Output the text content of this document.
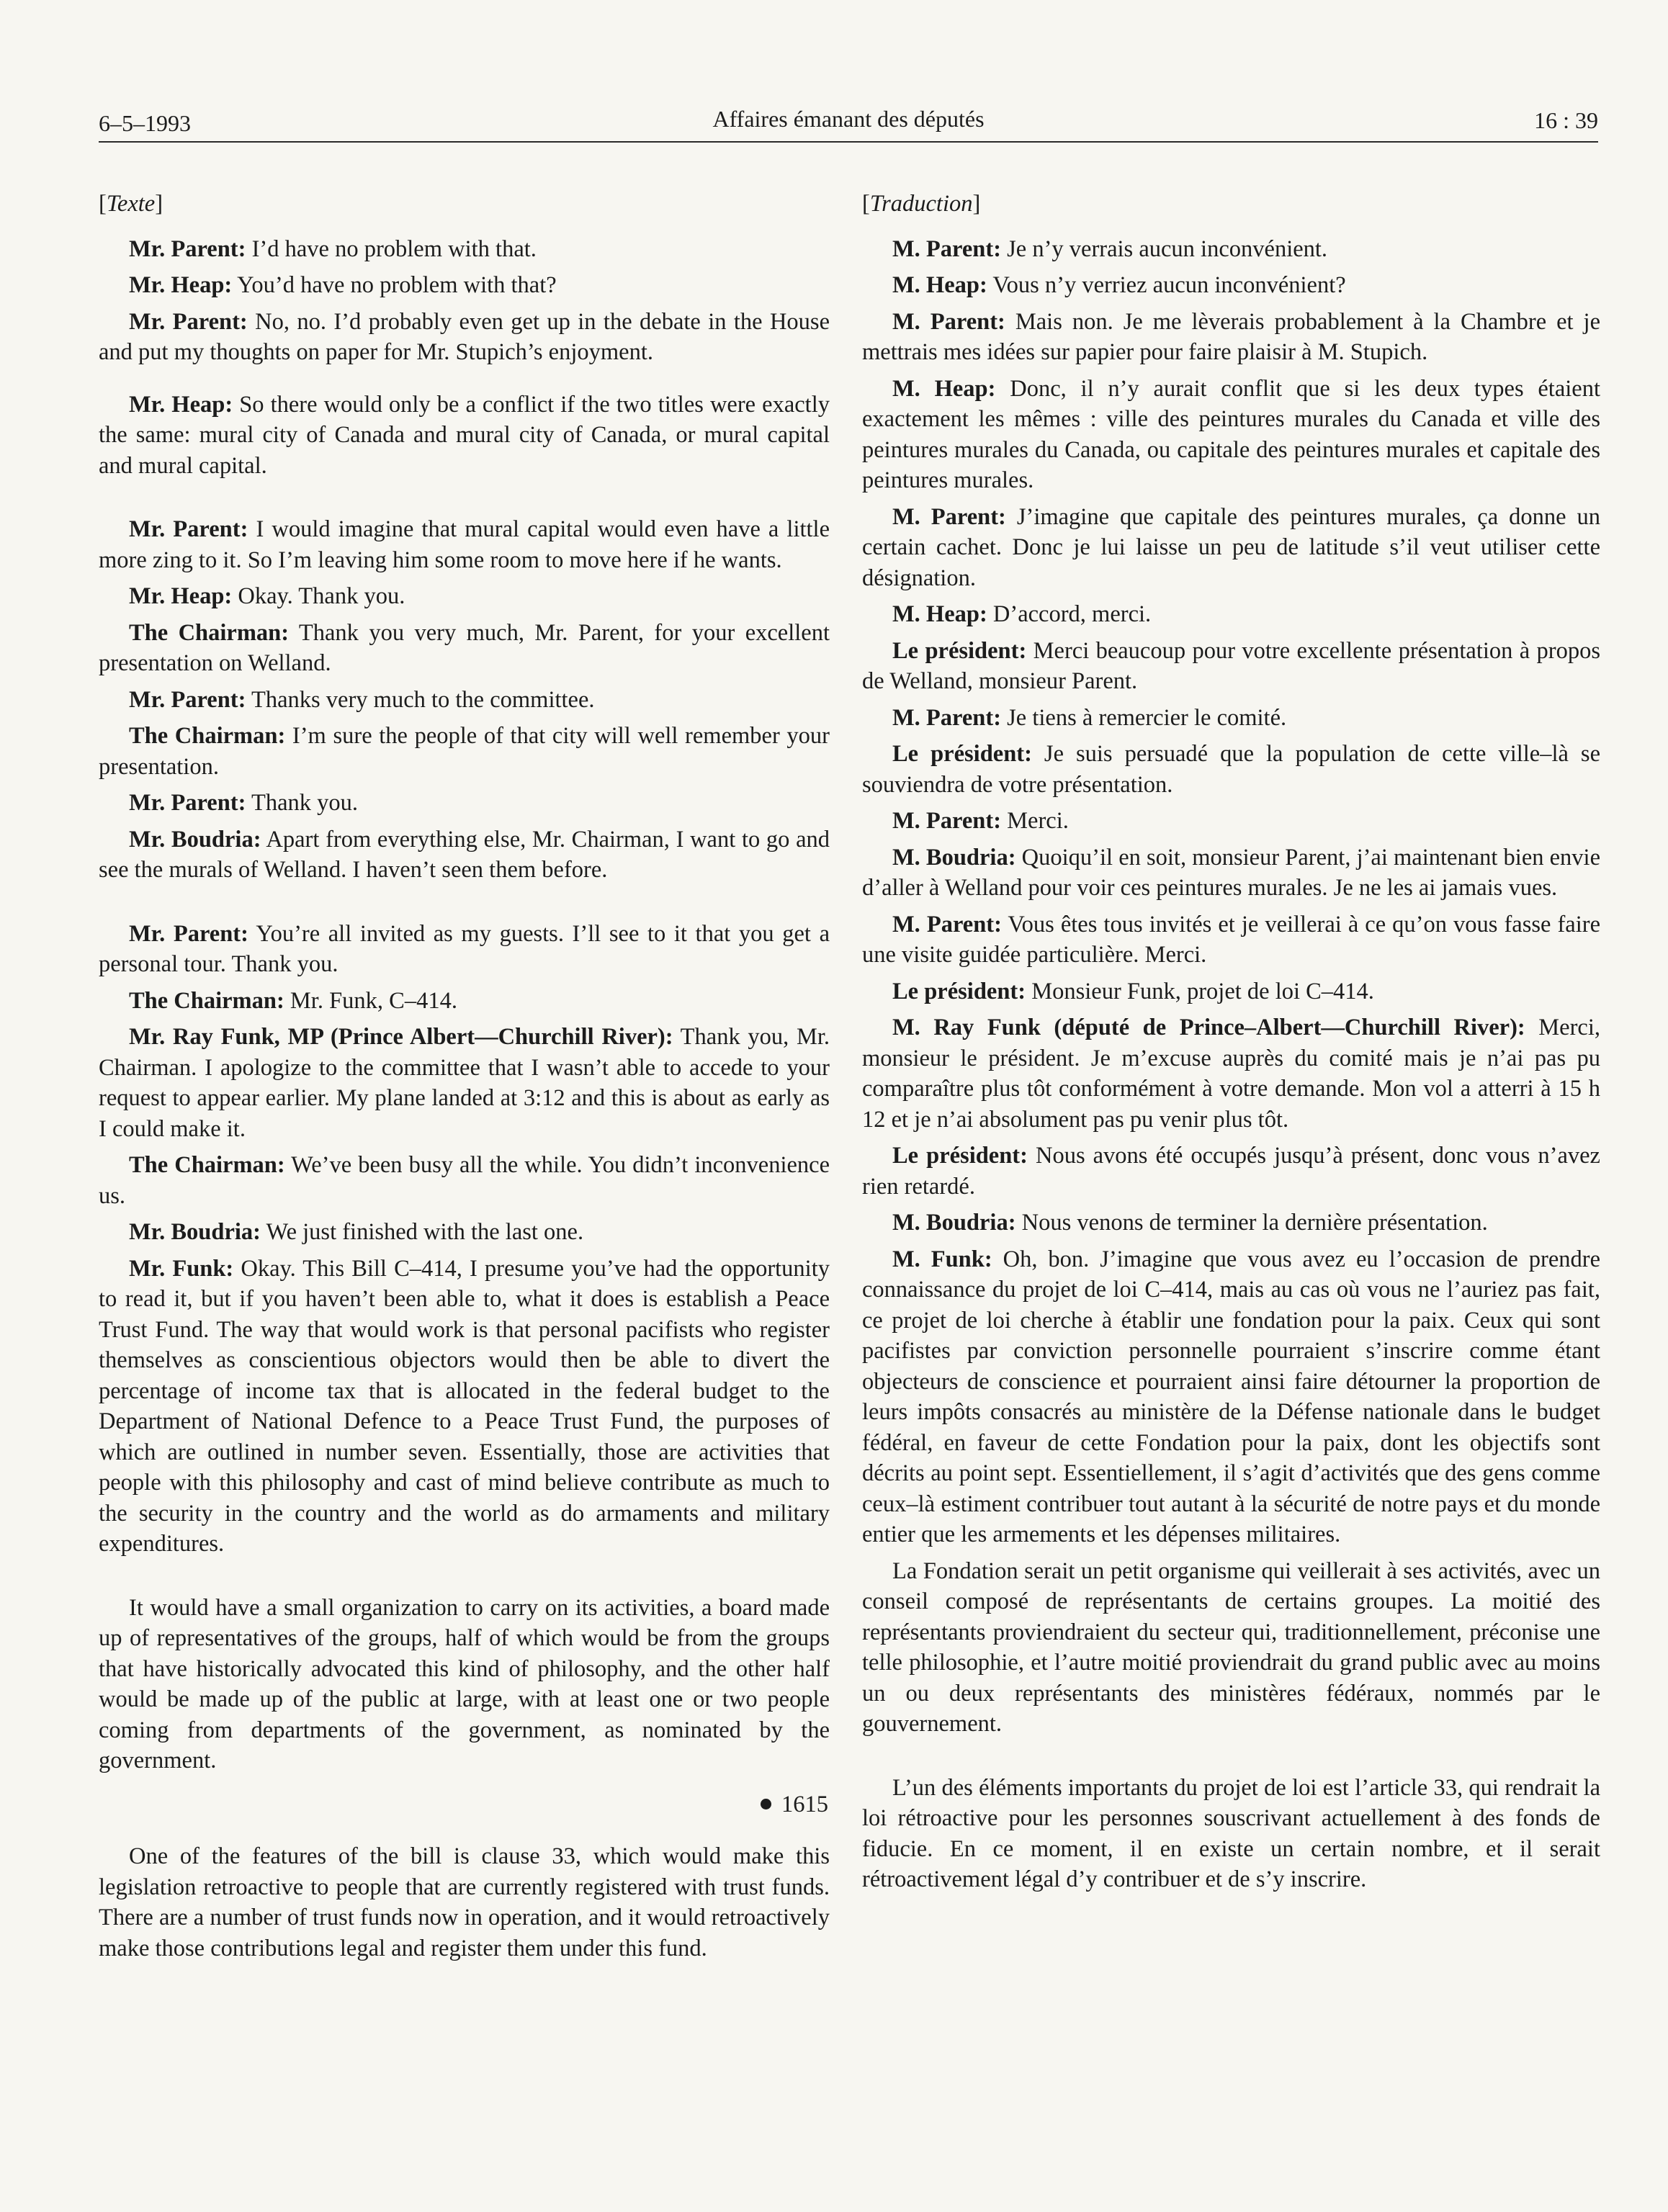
6–5–1993	Affaires émanant des députés	16 : 39
[Texte]

Mr. Parent: I’d have no problem with that.

Mr. Heap: You’d have no problem with that?

Mr. Parent: No, no. I’d probably even get up in the debate in the House and put my thoughts on paper for Mr. Stupich’s enjoyment.

Mr. Heap: So there would only be a conflict if the two titles were exactly the same: mural city of Canada and mural city of Canada, or mural capital and mural capital.

Mr. Parent: I would imagine that mural capital would even have a little more zing to it. So I’m leaving him some room to move here if he wants.

Mr. Heap: Okay. Thank you.

The Chairman: Thank you very much, Mr. Parent, for your excellent presentation on Welland.

Mr. Parent: Thanks very much to the committee.

The Chairman: I’m sure the people of that city will well remember your presentation.

Mr. Parent: Thank you.

Mr. Boudria: Apart from everything else, Mr. Chairman, I want to go and see the murals of Welland. I haven’t seen them before.

Mr. Parent: You’re all invited as my guests. I’ll see to it that you get a personal tour. Thank you.

The Chairman: Mr. Funk, C–414.

Mr. Ray Funk, MP (Prince Albert—Churchill River): Thank you, Mr. Chairman. I apologize to the committee that I wasn’t able to accede to your request to appear earlier. My plane landed at 3:12 and this is about as early as I could make it.

The Chairman: We’ve been busy all the while. You didn’t inconvenience us.

Mr. Boudria: We just finished with the last one.

Mr. Funk: Okay. This Bill C–414, I presume you’ve had the opportunity to read it, but if you haven’t been able to, what it does is establish a Peace Trust Fund. The way that would work is that personal pacifists who register themselves as conscientious objectors would then be able to divert the percentage of income tax that is allocated in the federal budget to the Department of National Defence to a Peace Trust Fund, the purposes of which are outlined in number seven. Essentially, those are activities that people with this philosophy and cast of mind believe contribute as much to the security in the country and the world as do armaments and military expenditures.

It would have a small organization to carry on its activities, a board made up of representatives of the groups, half of which would be from the groups that have historically advocated this kind of philosophy, and the other half would be made up of the public at large, with at least one or two people coming from departments of the government, as nominated by the government.

1615

One of the features of the bill is clause 33, which would make this legislation retroactive to people that are currently registered with trust funds. There are a number of trust funds now in operation, and it would retroactively make those contributions legal and register them under this fund.

[Traduction]

M. Parent: Je n’y verrais aucun inconvénient.

M. Heap: Vous n’y verriez aucun inconvénient?

M. Parent: Mais non. Je me lèverais probablement à la Chambre et je mettrais mes idées sur papier pour faire plaisir à M. Stupich.

M. Heap: Donc, il n’y aurait conflit que si les deux types étaient exactement les mêmes : ville des peintures murales du Canada et ville des peintures murales du Canada, ou capitale des peintures murales et capitale des peintures murales.

M. Parent: J’imagine que capitale des peintures murales, ça donne un certain cachet. Donc je lui laisse un peu de latitude s’il veut utiliser cette désignation.

M. Heap: D’accord, merci.

Le président: Merci beaucoup pour votre excellente présentation à propos de Welland, monsieur Parent.

M. Parent: Je tiens à remercier le comité.

Le président: Je suis persuadé que la population de cette ville–là se souviendra de votre présentation.

M. Parent: Merci.

M. Boudria: Quoiqu’il en soit, monsieur Parent, j’ai maintenant bien envie d’aller à Welland pour voir ces peintures murales. Je ne les ai jamais vues.

M. Parent: Vous êtes tous invités et je veillerai à ce qu’on vous fasse faire une visite guidée particulière. Merci.

Le président: Monsieur Funk, projet de loi C–414.

M. Ray Funk (député de Prince–Albert—Churchill River): Merci, monsieur le président. Je m’excuse auprès du comité mais je n’ai pas pu comparaître plus tôt conformément à votre demande. Mon vol a atterri à 15 h 12 et je n’ai absolument pas pu venir plus tôt.

Le président: Nous avons été occupés jusqu’à présent, donc vous n’avez rien retardé.

M. Boudria: Nous venons de terminer la dernière présentation.

M. Funk: Oh, bon. J’imagine que vous avez eu l’occasion de prendre connaissance du projet de loi C–414, mais au cas où vous ne l’auriez pas fait, ce projet de loi cherche à établir une fondation pour la paix. Ceux qui sont pacifistes par conviction personnelle pourraient s’inscrire comme étant objecteurs de conscience et pourraient ainsi faire détourner la proportion de leurs impôts consacrés au ministère de la Défense nationale dans le budget fédéral, en faveur de cette Fondation pour la paix, dont les objectifs sont décrits au point sept. Essentiellement, il s’agit d’activités que des gens comme ceux–là estiment contribuer tout autant à la sécurité de notre pays et du monde entier que les armements et les dépenses militaires.

La Fondation serait un petit organisme qui veillerait à ses activités, avec un conseil composé de représentants de certains groupes. La moitié des représentants proviendraient du secteur qui, traditionnellement, préconise une telle philosophie, et l’autre moitié proviendrait du grand public avec au moins un ou deux représentants des ministères fédéraux, nommés par le gouvernement.

L’un des éléments importants du projet de loi est l’article 33, qui rendrait la loi rétroactive pour les personnes souscrivant actuellement à des fonds de fiducie. En ce moment, il en existe un certain nombre, et il serait rétroactivement légal d’y contribuer et de s’y inscrire.
